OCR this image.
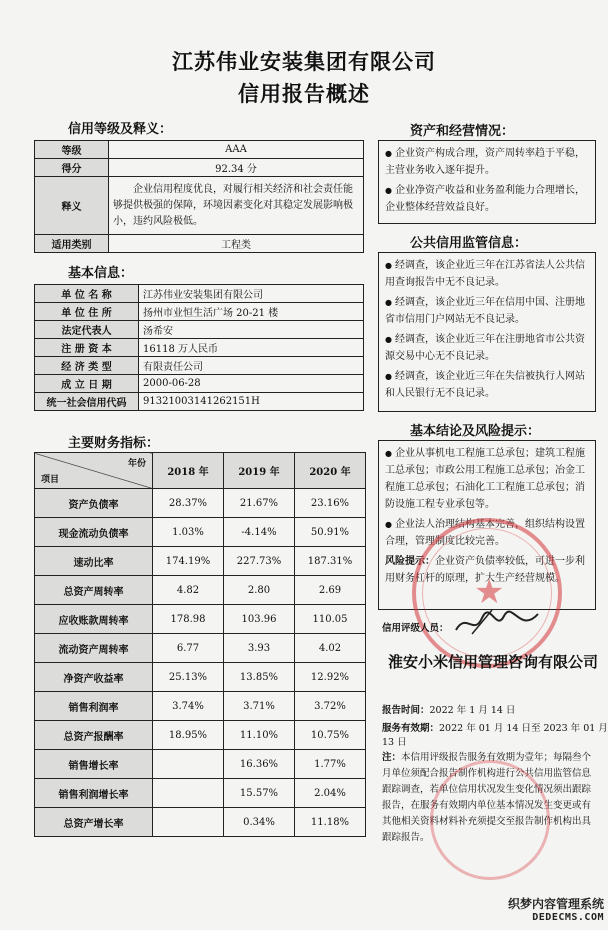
江苏伟业安装集团有限公司
信用报告概述
信用等级及释义：
等级	AAA
得分	92.34 分
释义	企业信用程度优良，对履行相关经济和社会责任能够提供极强的保障，环境因素变化对其稳定发展影响极小，违约风险极低。
适用类别	工程类
基本信息：
单 位 名 称	江苏伟业安装集团有限公司
单 位 住 所	扬州市业恒生活广场 20-21 楼
法定代表人	汤希安
注 册 资 本	16118 万人民币
经 济 类 型	有限责任公司
成 立 日 期	2000-06-28
统一社会信用代码	91321003141262151H
主要财务指标：
年份
项目	2018 年	2019 年	2020 年
资产负债率	28.37%	21.67%	23.16%
现金流动负债率	1.03%	-4.14%	50.91%
速动比率	174.19%	227.73%	187.31%
总资产周转率	4.82	2.80	2.69
应收账款周转率	178.98	103.96	110.05
流动资产周转率	6.77	3.93	4.02
净资产收益率	25.13%	13.85%	12.92%
销售利润率	3.74%	3.71%	3.72%
总资产报酬率	18.95%	11.10%	10.75%
销售增长率		16.36%	1.77%
销售利润增长率		15.57%	2.04%
总资产增长率		0.34%	11.18%
资产和经营情况：

● 企业资产构成合理，资产周转率趋于平稳，主营业务收入逐年提升。

● 企业净资产收益和业务盈利能力合理增长，企业整体经营效益良好。

公共信用监管信息：

● 经调查，该企业近三年在江苏省法人公共信用查询报告中无不良记录。

● 经调查，该企业近三年在信用中国、注册地省市信用门户网站无不良记录。

● 经调查，该企业近三年在注册地省市公共资源交易中心无不良记录。

● 经调查，该企业近三年在失信被执行人网站和人民银行无不良记录。

基本结论及风险提示：

● 企业从事机电工程施工总承包；建筑工程施工总承包；市政公用工程施工总承包；冶金工程施工总承包；石油化工工程施工总承包；消防设施工程专业承包等。

● 企业法人治理结构基本完善，组织结构设置合理，管理制度比较完善。

风险提示：企业资产负债率较低，可进一步利用财务杠杆的原理，扩大生产经营规模。

★
信用评级人员：
淮安小米信用管理咨询有限公司
报告时间：2022 年 1 月 14 日
服务有效期：2022 年 01 月 14 日至 2023 年 01 月 13 日
注：本信用评级报告服务有效期为壹年；每隔叁个月单位须配合报告制作机构进行公共信用监管信息跟踪调查，若单位信用状况发生变化情况须出跟踪报告，在服务有效期内单位基本情况发生变更或有其他相关资料材料补充须提交至报告制作机构出具跟踪报告。
织梦内容管理系统
DEDECMS.COM
